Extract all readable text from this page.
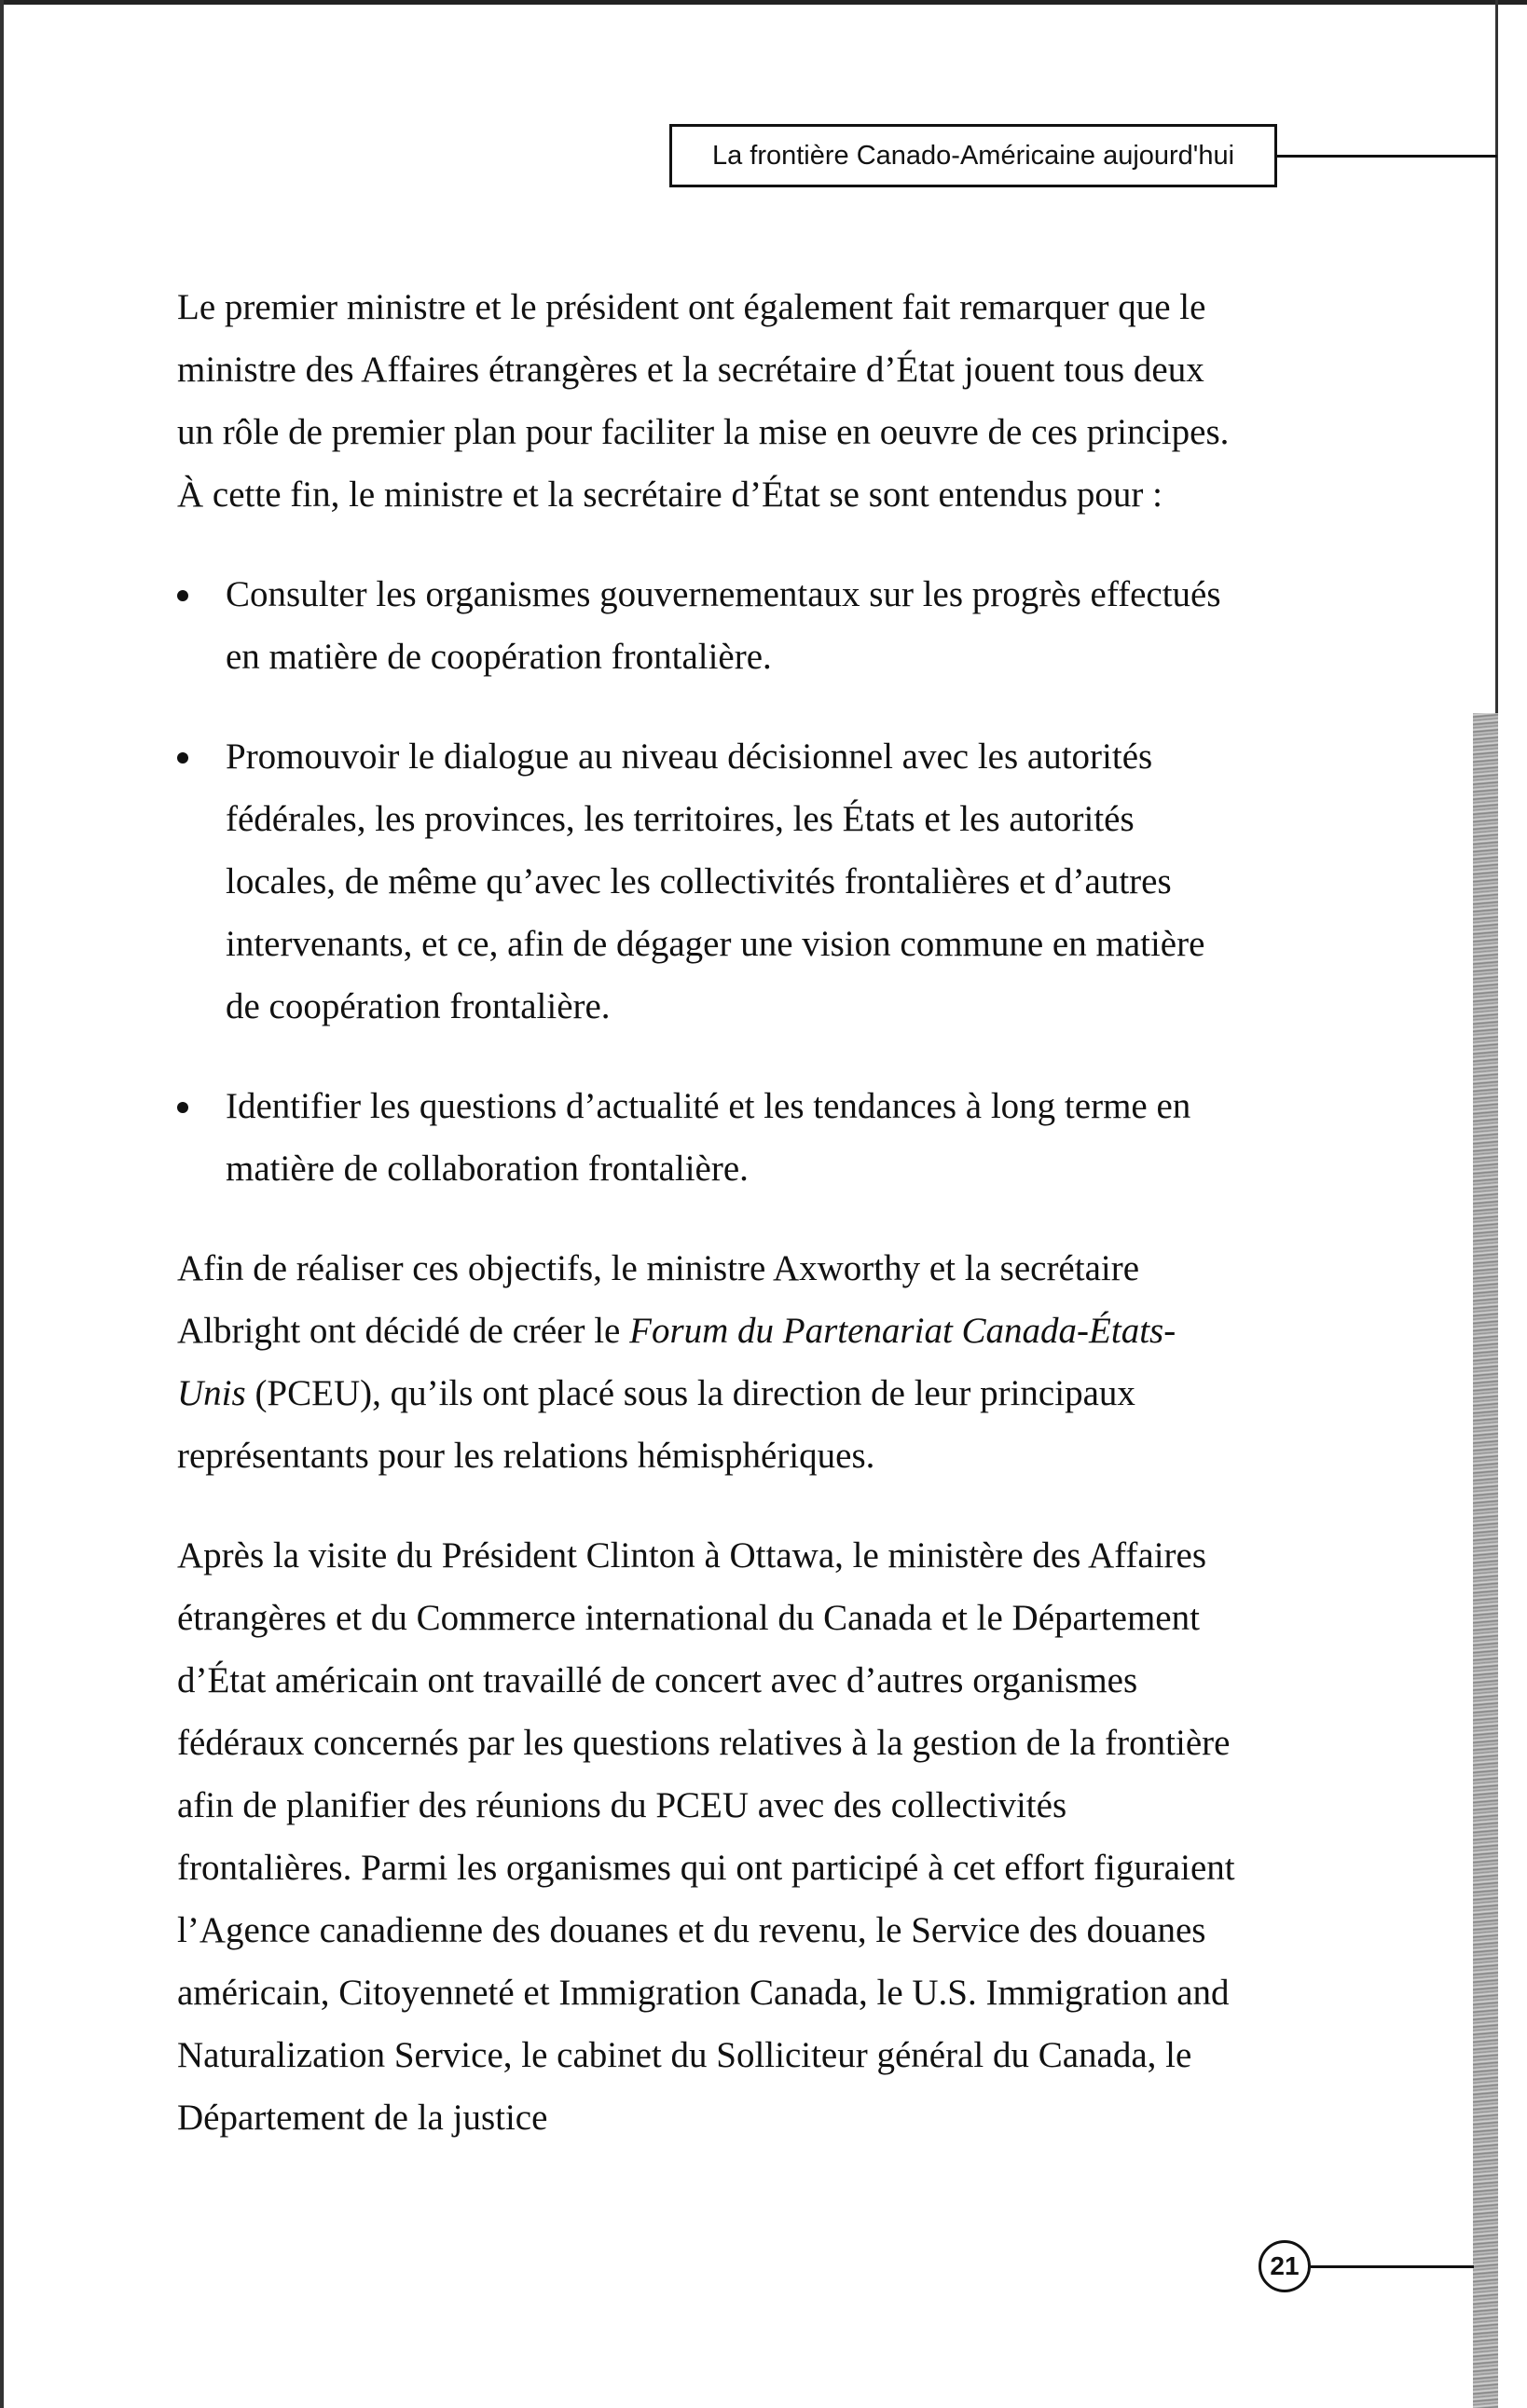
La frontière Canado-Américaine aujourd'hui

Le premier ministre et le président ont également fait remarquer que le ministre des Affaires étrangères et la secrétaire d’État jouent tous deux un rôle de premier plan pour faciliter la mise en oeuvre de ces principes. À cette fin, le ministre et la secrétaire d’État se sont entendus pour :

Consulter les organismes gouvernementaux sur les progrès effectués en matière de coopération frontalière.
Promouvoir le dialogue au niveau décisionnel avec les autorités fédérales, les provinces, les territoires, les États et les autorités locales, de même qu’avec les collectivités frontalières et d’autres intervenants, et ce, afin de dégager une vision commune en matière de coopération frontalière.
Identifier les questions d’actualité et les tendances à long terme en matière de collaboration frontalière.

Afin de réaliser ces objectifs, le ministre Axworthy et la secrétaire Albright ont décidé de créer le Forum du Partenariat Canada-États-Unis (PCEU), qu’ils ont placé sous la direction de leur principaux représentants pour les relations hémisphériques.

Après la visite du Président Clinton à Ottawa, le ministère des Affaires étrangères et du Commerce international du Canada et le Département d’État américain ont travaillé de concert avec d’autres organismes fédéraux concernés par les questions relatives à la gestion de la frontière afin de planifier des réunions du PCEU avec des collectivités frontalières. Parmi les organismes qui ont participé à cet effort figuraient l’Agence canadienne des douanes et du revenu, le Service des douanes américain, Citoyenneté et Immigration Canada, le U.S. Immigration and Naturalization Service, le cabinet du Solliciteur général du Canada, le Département de la justice

21
